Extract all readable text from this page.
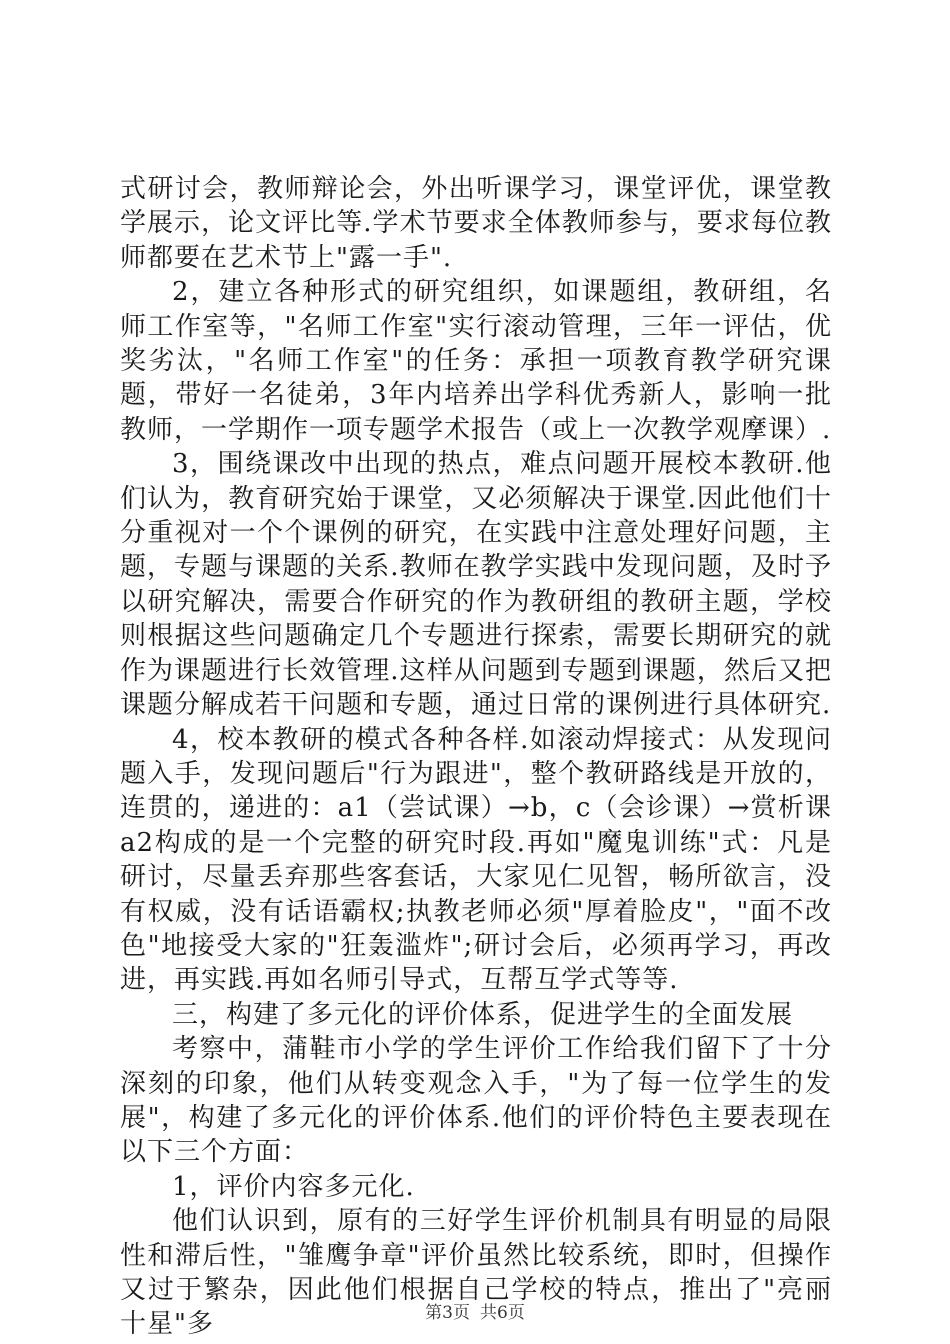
式研讨会，教师辩论会，外出听课学习，课堂评优，课堂教学展示，论文评比等.学术节要求全体教师参与，要求每位教师都要在艺术节上"露一手".

2，建立各种形式的研究组织，如课题组，教研组，名师工作室等，"名师工作室"实行滚动管理，三年一评估，优奖劣汰，"名师工作室"的任务：承担一项教育教学研究课题，带好一名徒弟，3年内培养出学科优秀新人，影响一批教师，一学期作一项专题学术报告（或上一次教学观摩课）.

3，围绕课改中出现的热点，难点问题开展校本教研.他们认为，教育研究始于课堂，又必须解决于课堂.因此他们十分重视对一个个课例的研究，在实践中注意处理好问题，主题，专题与课题的关系.教师在教学实践中发现问题，及时予以研究解决，需要合作研究的作为教研组的教研主题，学校则根据这些问题确定几个专题进行探索，需要长期研究的就作为课题进行长效管理.这样从问题到专题到课题，然后又把课题分解成若干问题和专题，通过日常的课例进行具体研究.

4，校本教研的模式各种各样.如滚动焊接式：从发现问题入手，发现问题后"行为跟进"，整个教研路线是开放的，连贯的，递进的：a1（尝试课）→b，c（会诊课）→赏析课a2构成的是一个完整的研究时段.再如"魔鬼训练"式：凡是研讨，尽量丢弃那些客套话，大家见仁见智，畅所欲言，没有权威，没有话语霸权;执教老师必须"厚着脸皮"，"面不改色"地接受大家的"狂轰滥炸";研讨会后，必须再学习，再改进，再实践.再如名师引导式，互帮互学式等等.

三，构建了多元化的评价体系，促进学生的全面发展

考察中，蒲鞋市小学的学生评价工作给我们留下了十分深刻的印象，他们从转变观念入手，"为了每一位学生的发展"，构建了多元化的评价体系.他们的评价特色主要表现在以下三个方面：

1，评价内容多元化.

他们认识到，原有的三好学生评价机制具有明显的局限性和滞后性，"雏鹰争章"评价虽然比较系统，即时，但操作又过于繁杂，因此他们根据自己学校的特点，推出了"亮丽十星"多	第3页 共6页
